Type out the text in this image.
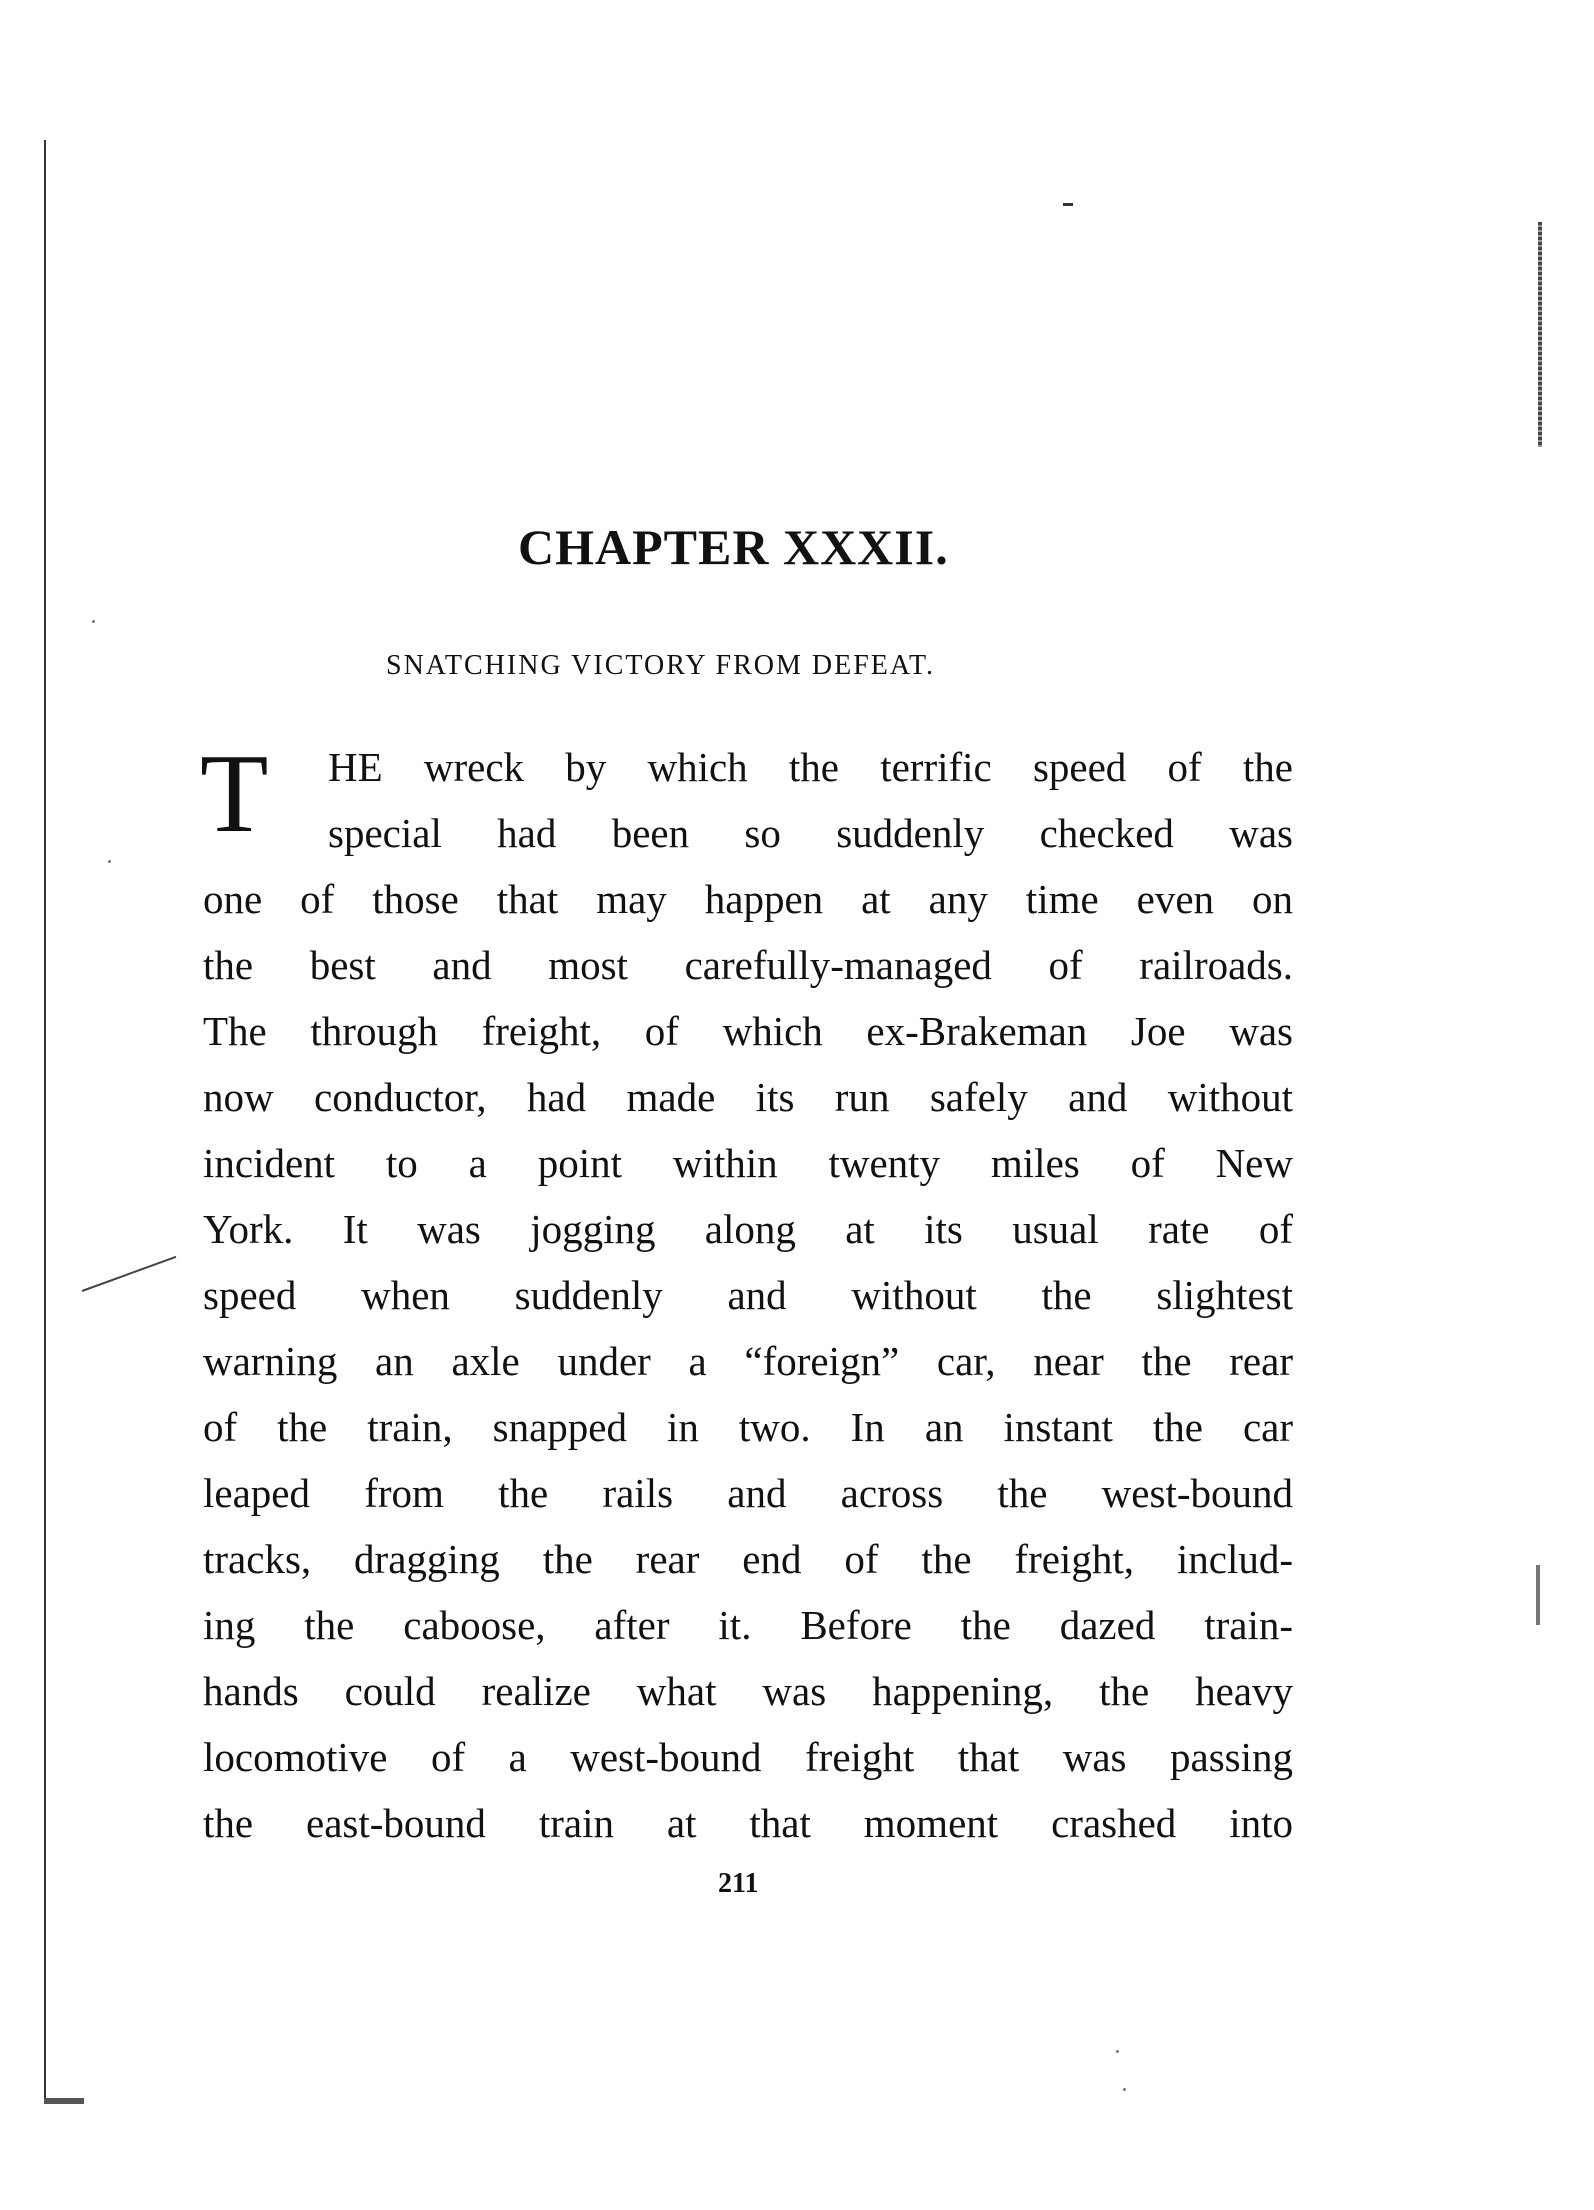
CHAPTER XXXII.
SNATCHING VICTORY FROM DEFEAT.
T HE wreck by which the terrific speed of the
special had been so suddenly checked was
one of those that may happen at any time even on
the best and most carefully-managed of railroads.
The through freight, of which ex-Brakeman Joe was
now conductor, had made its run safely and without
incident to a point within twenty miles of New
York. It was jogging along at its usual rate of
speed when suddenly and without the slightest
warning an axle under a “foreign” car, near the rear
of the train, snapped in two. In an instant the car
leaped from the rails and across the west-bound
tracks, dragging the rear end of the freight, includ-
ing the caboose, after it. Before the dazed train-
hands could realize what was happening, the heavy
locomotive of a west-bound freight that was passing
the east-bound train at that moment crashed into
211
